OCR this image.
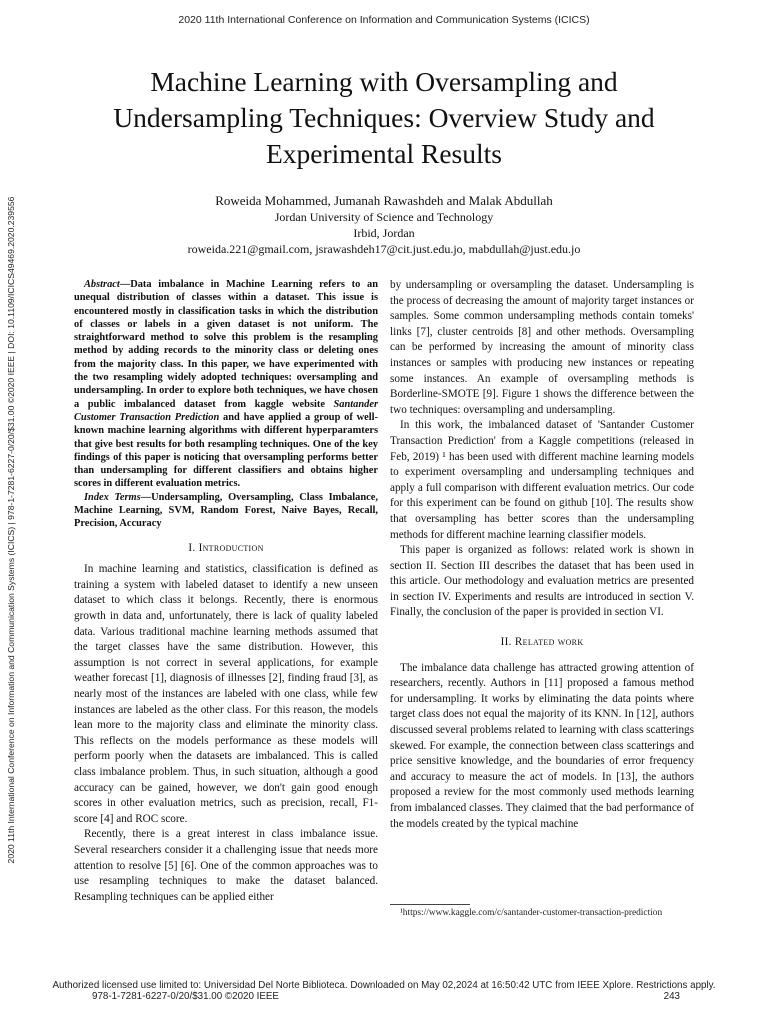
2020 11th International Conference on Information and Communication Systems (ICICS)
2020 11th International Conference on Information and Communication Systems (ICICS) | 978-1-7281-6227-0/20/$31.00 ©2020 IEEE | DOI: 10.1109/ICICS49469.2020.239556
Machine Learning with Oversampling and
Undersampling Techniques: Overview Study and
Experimental Results
Roweida Mohammed, Jumanah Rawashdeh and Malak Abdullah
Jordan University of Science and Technology
Irbid, Jordan
roweida.221@gmail.com, jsrawashdeh17@cit.just.edu.jo, mabdullah@just.edu.jo

Abstract—Data imbalance in Machine Learning refers to an unequal distribution of classes within a dataset. This issue is encountered mostly in classification tasks in which the distribution of classes or labels in a given dataset is not uniform. The straightforward method to solve this problem is the resampling method by adding records to the minority class or deleting ones from the majority class. In this paper, we have experimented with the two resampling widely adopted techniques: oversampling and undersampling. In order to explore both techniques, we have chosen a public imbalanced dataset from kaggle website Santander Customer Transaction Prediction and have applied a group of well-known machine learning algorithms with different hyperparamters that give best results for both resampling techniques. One of the key findings of this paper is noticing that oversampling performs better than undersampling for different classifiers and obtains higher scores in different evaluation metrics.

Index Terms—Undersampling, Oversampling, Class Imbalance, Machine Learning, SVM, Random Forest, Naive Bayes, Recall, Precision, Accuracy

I. Introduction

In machine learning and statistics, classification is defined as training a system with labeled dataset to identify a new unseen dataset to which class it belongs. Recently, there is enormous growth in data and, unfortunately, there is lack of quality labeled data. Various traditional machine learning methods assumed that the target classes have the same distribution. However, this assumption is not correct in several applications, for example weather forecast [1], diagnosis of illnesses [2], finding fraud [3], as nearly most of the instances are labeled with one class, while few instances are labeled as the other class. For this reason, the models lean more to the majority class and eliminate the minority class. This reflects on the models performance as these models will perform poorly when the datasets are imbalanced. This is called class imbalance problem. Thus, in such situation, although a good accuracy can be gained, however, we don't gain good enough scores in other evaluation metrics, such as precision, recall, F1-score [4] and ROC score.

Recently, there is a great interest in class imbalance issue. Several researchers consider it a challenging issue that needs more attention to resolve [5] [6]. One of the common approaches was to use resampling techniques to make the dataset balanced. Resampling techniques can be applied either

by undersampling or oversampling the dataset. Undersampling is the process of decreasing the amount of majority target instances or samples. Some common undersampling methods contain tomeks' links [7], cluster centroids [8] and other methods. Oversampling can be performed by increasing the amount of minority class instances or samples with producing new instances or repeating some instances. An example of oversampling methods is Borderline-SMOTE [9]. Figure 1 shows the difference between the two techniques: oversampling and undersampling.

In this work, the imbalanced dataset of 'Santander Customer Transaction Prediction' from a Kaggle competitions (released in Feb, 2019) ¹ has been used with different machine learning models to experiment oversampling and undersampling techniques and apply a full comparison with different evaluation metrics. Our code for this experiment can be found on github [10]. The results show that oversampling has better scores than the undersampling methods for different machine learning classifier models.

This paper is organized as follows: related work is shown in section II. Section III describes the dataset that has been used in this article. Our methodology and evaluation metrics are presented in section IV. Experiments and results are introduced in section V. Finally, the conclusion of the paper is provided in section VI.

II. Related work

The imbalance data challenge has attracted growing attention of researchers, recently. Authors in [11] proposed a famous method for undersampling. It works by eliminating the data points where target class does not equal the majority of its KNN. In [12], authors discussed several problems related to learning with class scatterings skewed. For example, the connection between class scatterings and price sensitive knowledge, and the boundaries of error frequency and accuracy to measure the act of models. In [13], the authors proposed a review for the most commonly used methods learning from imbalanced classes. They claimed that the bad performance of the models created by the typical machine

¹https://www.kaggle.com/c/santander-customer-transaction-prediction
Authorized licensed use limited to: Universidad Del Norte Biblioteca. Downloaded on May 02,2024 at 16:50:42 UTC from IEEE Xplore. Restrictions apply.
978-1-7281-6227-0/20/$31.00 ©2020 IEEE	243
